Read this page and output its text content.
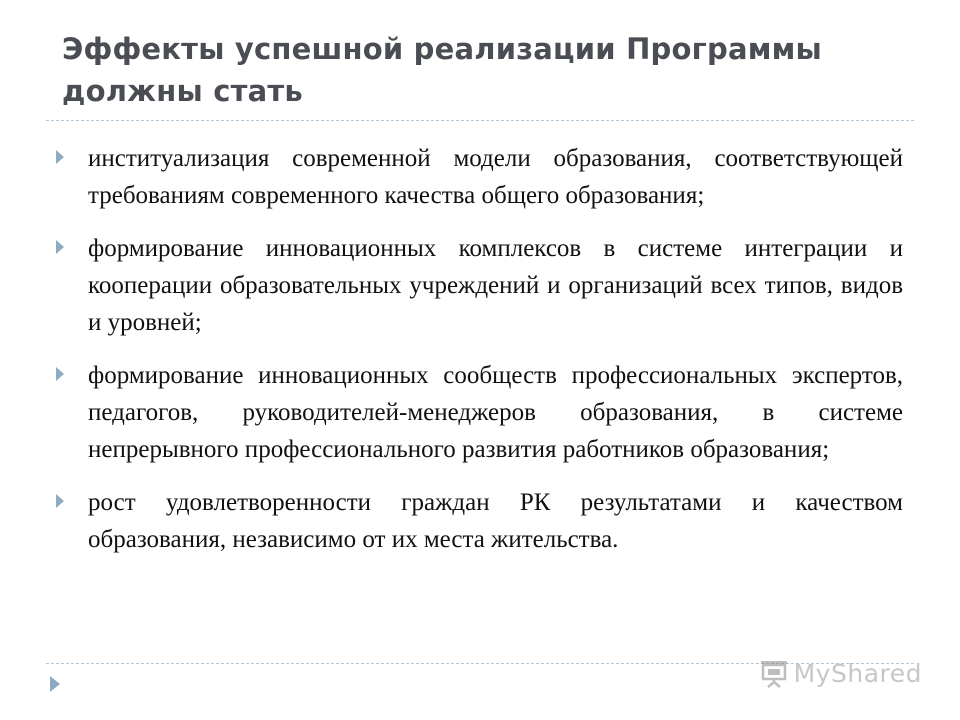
Эффекты успешной реализации Программы должны стать
институализация современной модели образования, соответствующей требованиям современного качества общего образования;
формирование инновационных комплексов в системе интеграции и кооперации образовательных учреждений и организаций всех типов, видов и уровней;
формирование инновационных сообществ профессиональных экспертов, педагогов, руководителей-менеджеров образования, в системе непрерывного профессионального развития работников образования;
рост удовлетворенности граждан РК результатами и качеством образования, независимо от их места жительства.
MyShared
